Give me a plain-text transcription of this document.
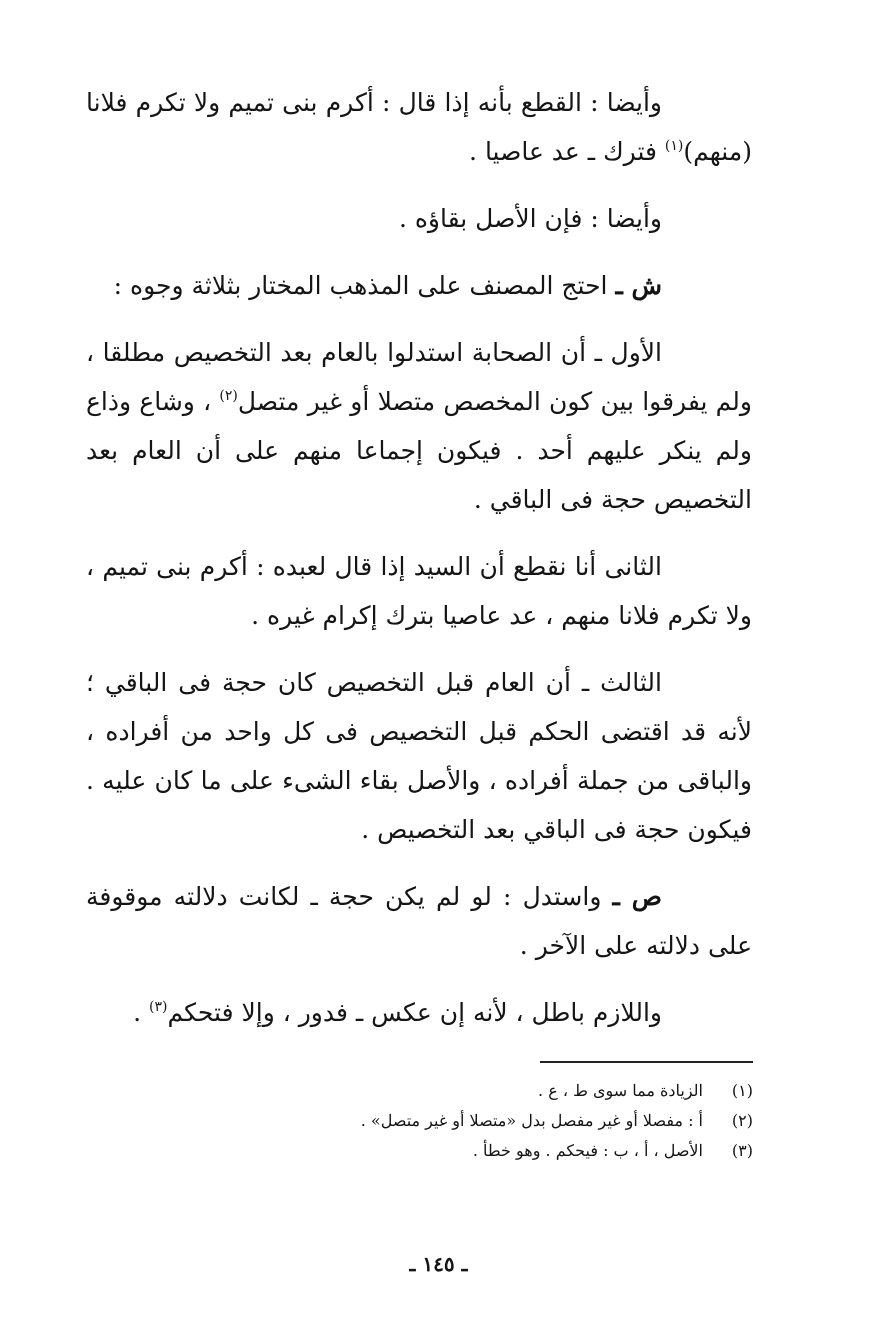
وأيضا : القطع بأنه إذا قال : أكرم بنى تميم ولا تكرم فلانا (منهم)$^{(١)}$ فترك ـ عد عاصيا .

وأيضا : فإن الأصل بقاؤه .

ش ـ احتج المصنف على المذهب المختار بثلاثة وجوه :

الأول ـ أن الصحابة استدلوا بالعام بعد التخصيص مطلقا ، ولم يفرقوا بين كون المخصص متصلا أو غير متصل$^{(٢)}$ ، وشاع وذاع ولم ينكر عليهم أحد . فيكون إجماعا منهم على أن العام بعد التخصيص حجة فى الباقي .

الثانى أنا نقطع أن السيد إذا قال لعبده : أكرم بنى تميم ، ولا تكرم فلانا منهم ، عد عاصيا بترك إكرام غيره .

الثالث ـ أن العام قبل التخصيص كان حجة فى الباقي ؛ لأنه قد اقتضى الحكم قبل التخصيص فى كل واحد من أفراده ، والباقى من جملة أفراده ، والأصل بقاء الشىء على ما كان عليه . فيكون حجة فى الباقي بعد التخصيص .

ص ـ واستدل : لو لم يكن حجة ـ لكانت دلالته موقوفة على دلالته على الآخر .

واللازم باطل ، لأنه إن عكس ـ فدور ، وإلا فتحكم$^{(٣)}$ .

(١)
الزيادة مما سوى ط ، ع .
(٢)
أ : مفصلا أو غير مفصل بدل «متصلا أو غير متصل» .
(٣)
الأصل ، أ ، ب : فيحكم . وهو خطأ .
ـ ١٤٥ ـ
